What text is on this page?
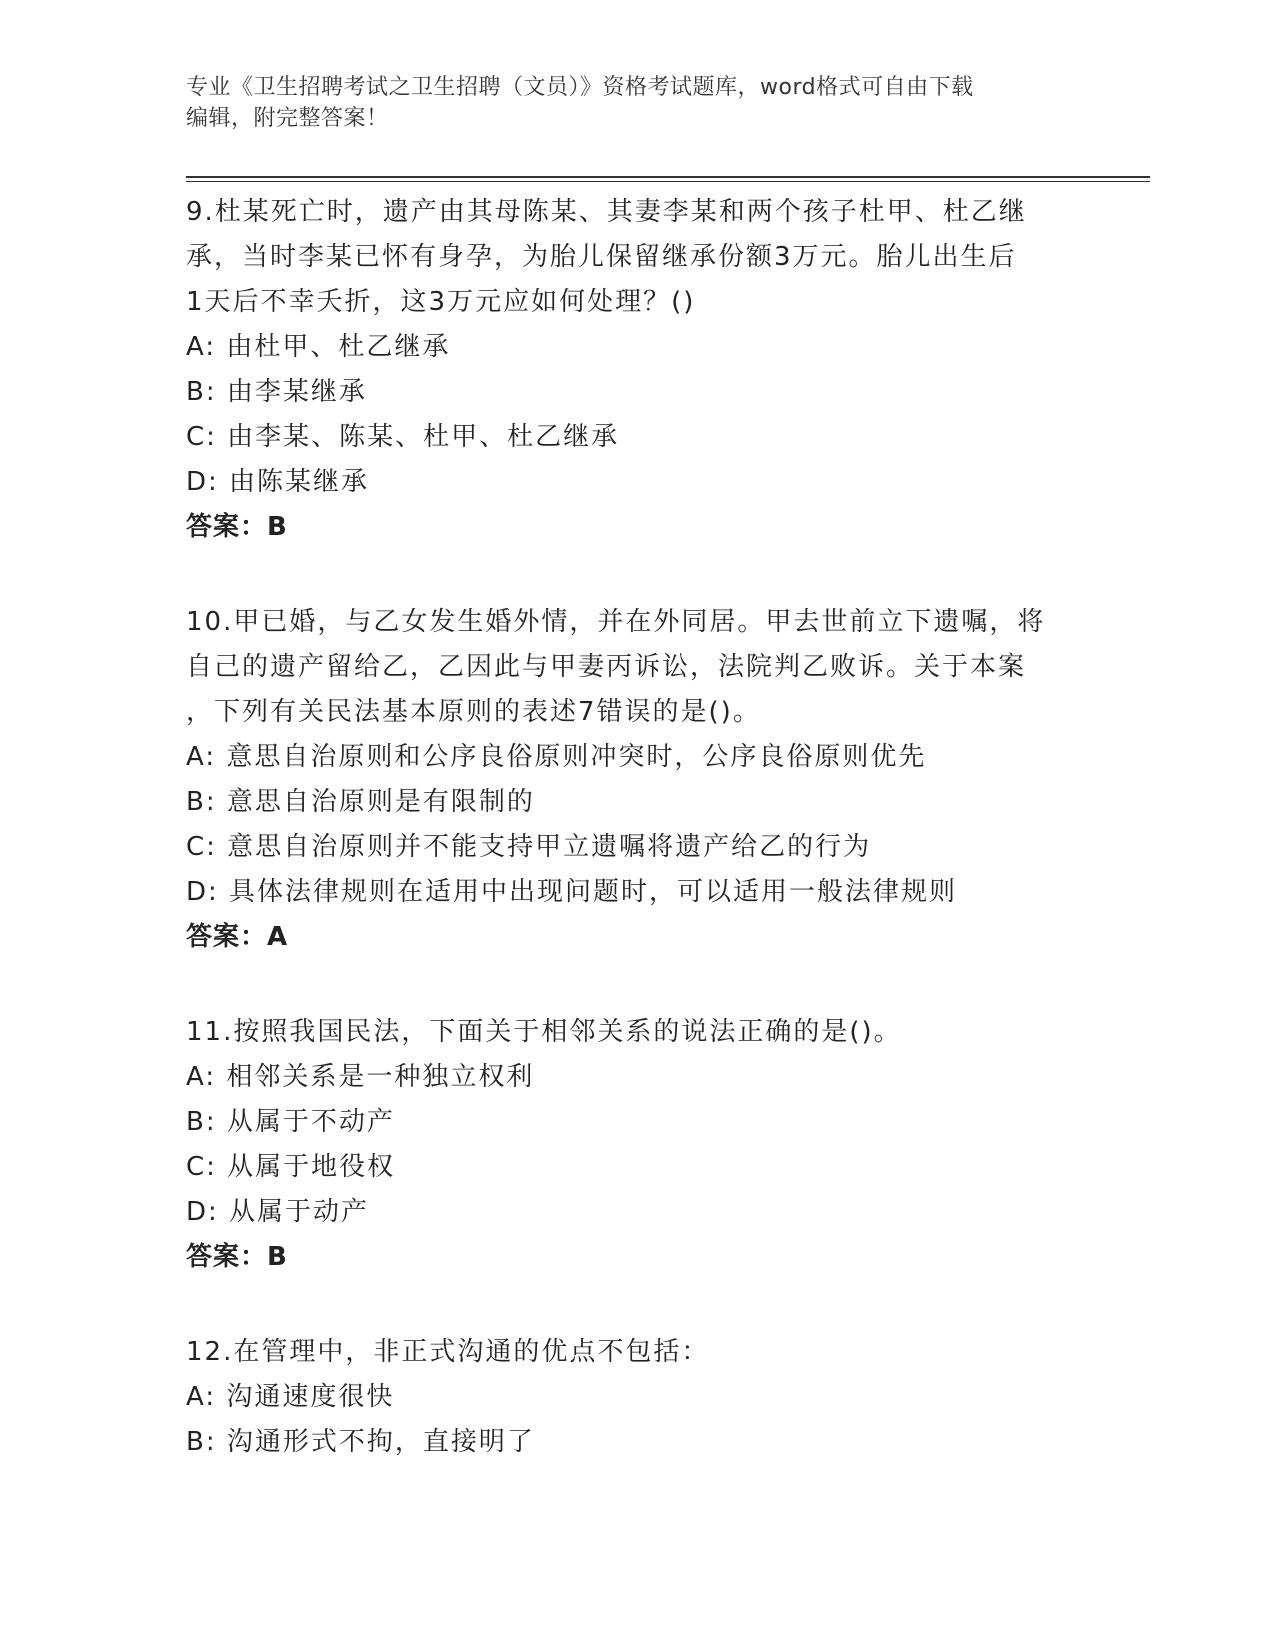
专业《卫生招聘考试之卫生招聘（文员）》资格考试题库，word格式可自由下载
编辑，附完整答案！

9.杜某死亡时，遗产由其母陈某、其妻李某和两个孩子杜甲、杜乙继

承，当时李某已怀有身孕，为胎儿保留继承份额3万元。胎儿出生后

1天后不幸夭折，这3万元应如何处理？()

A: 由杜甲、杜乙继承

B: 由李某继承

C: 由李某、陈某、杜甲、杜乙继承

D: 由陈某继承

答案：B

10.甲已婚，与乙女发生婚外情，并在外同居。甲去世前立下遗嘱，将

自己的遗产留给乙，乙因此与甲妻丙诉讼，法院判乙败诉。关于本案

，下列有关民法基本原则的表述7错误的是()。

A: 意思自治原则和公序良俗原则冲突时，公序良俗原则优先

B: 意思自治原则是有限制的

C: 意思自治原则并不能支持甲立遗嘱将遗产给乙的行为

D: 具体法律规则在适用中出现问题时，可以适用一般法律规则

答案：A

11.按照我国民法，下面关于相邻关系的说法正确的是()。

A: 相邻关系是一种独立权利

B: 从属于不动产

C: 从属于地役权

D: 从属于动产

答案：B

12.在管理中，非正式沟通的优点不包括：

A: 沟通速度很快

B: 沟通形式不拘，直接明了
